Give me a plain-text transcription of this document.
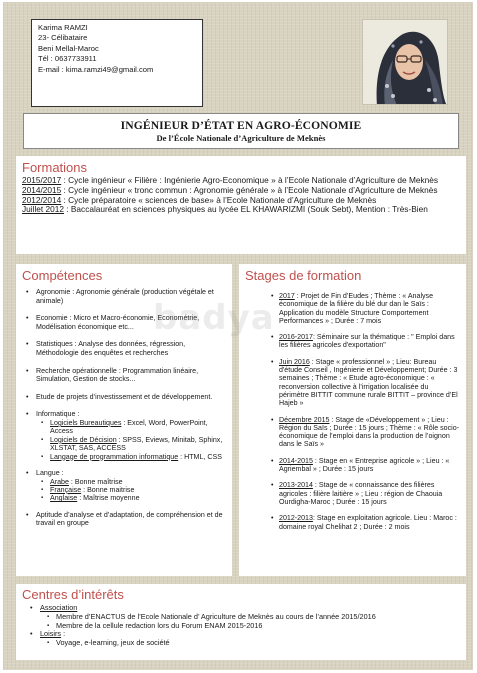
Karima RAMZI
23- Célibataire
Beni Mellal-Maroc
Tél : 0637733911
E-mail : kima.ramzi49@gmail.com
INGÉNIEUR D’ÉTAT EN AGRO-ÉCONOMIE
De l’École Nationale d’Agriculture de Meknès
Formations
2015/2017 : Cycle ingénieur « Filière : Ingénierie Agro-Economique » à l’Ecole Nationale d’Agriculture de Meknès
2014/2015 : Cycle ingénieur « tronc commun : Agronomie générale » à l’Ecole Nationale d’Agriculture de Meknès
2012/2014 : Cycle préparatoire « sciences de base» à l’Ecole Nationale d’Agriculture de Meknès
Juillet 2012 : Baccalauréat en sciences physiques au lycée EL KHAWARIZMI (Souk Sebt), Mention : Très-Bien
Compétences
• Agronomie : Agronomie générale (production végétale et animale)
• Economie : Micro et Macro-économie, Econométrie, Modélisation économique etc...
• Statistiques : Analyse des données, régression, Méthodologie des enquêtes et recherches
• Recherche opérationnelle : Programmation linéaire, Simulation, Gestion de stocks...
• Etude de projets d’investissement et de développement.
• Informatique :
▪ Logiciels Bureautiques : Excel, Word, PowerPoint, Access
▪ Logiciels de Décision : SPSS, Eviews, Minitab, Sphinx, XLSTAT, SAS, ACCESS
▪ Langage de programmation informatique : HTML, CSS
• Langue :
▪ Arabe : Bonne maîtrise
▪ Française : Bonne maitrise
▪ Anglaise : Maîtrise moyenne
• Aptitude d’analyse et d’adaptation, de compréhension et de travail en groupe
Stages de formation
• 2017 : Projet de Fin d’Eudes ; Thème : « Analyse économique de la filière du blé dur dan le Saïs : Application du modèle Structure Comportement Performances » ; Durée : 7 mois
• 2016-2017: Séminaire sur la thématique : " Emploi dans les filières agricoles d'exportation"
• Juin 2016 : Stage « professionnel » ; Lieu: Bureau d'étude Conseil , Ingénierie et Développement; Durée : 3 semaines ; Thème : « Etude agro-économique : « reconversion collective à l’irrigation localisée du périmètre BITTIT commune rurale BITTIT – province d’El Hajeb »
• Décembre 2015 : Stage de «Développement » ; Lieu : Région du Saïs ; Durée : 15 jours ; Thème : « Rôle socio-économique de l’emploi dans la production de l’oignon dans le Saïs »
• 2014-2015 : Stage en « Entreprise agricole » ; Lieu : « Agriembal » ; Durée : 15 jours
• 2013-2014 : Stage de « connaissance des filières agricoles : filière laitière » ; Lieu : région de Chaouia Ourdigha-Maroc ; Durée : 15 jours
• 2012-2013: Stage en exploitation agricole. Lieu : Maroc : domaine royal Chelihat 2 ; Durée : 2 mois
Centres d’intérêts
• Association
▪ Membre d’ENACTUS de l’Ecole Nationale d’ Agriculture de Meknès au cours de l’année 2015/2016
▪ Membre de la cellule redaction lors du Forum ENAM 2015-2016
• Loisirs :
▪ Voyage, e-learning, jeux de société
